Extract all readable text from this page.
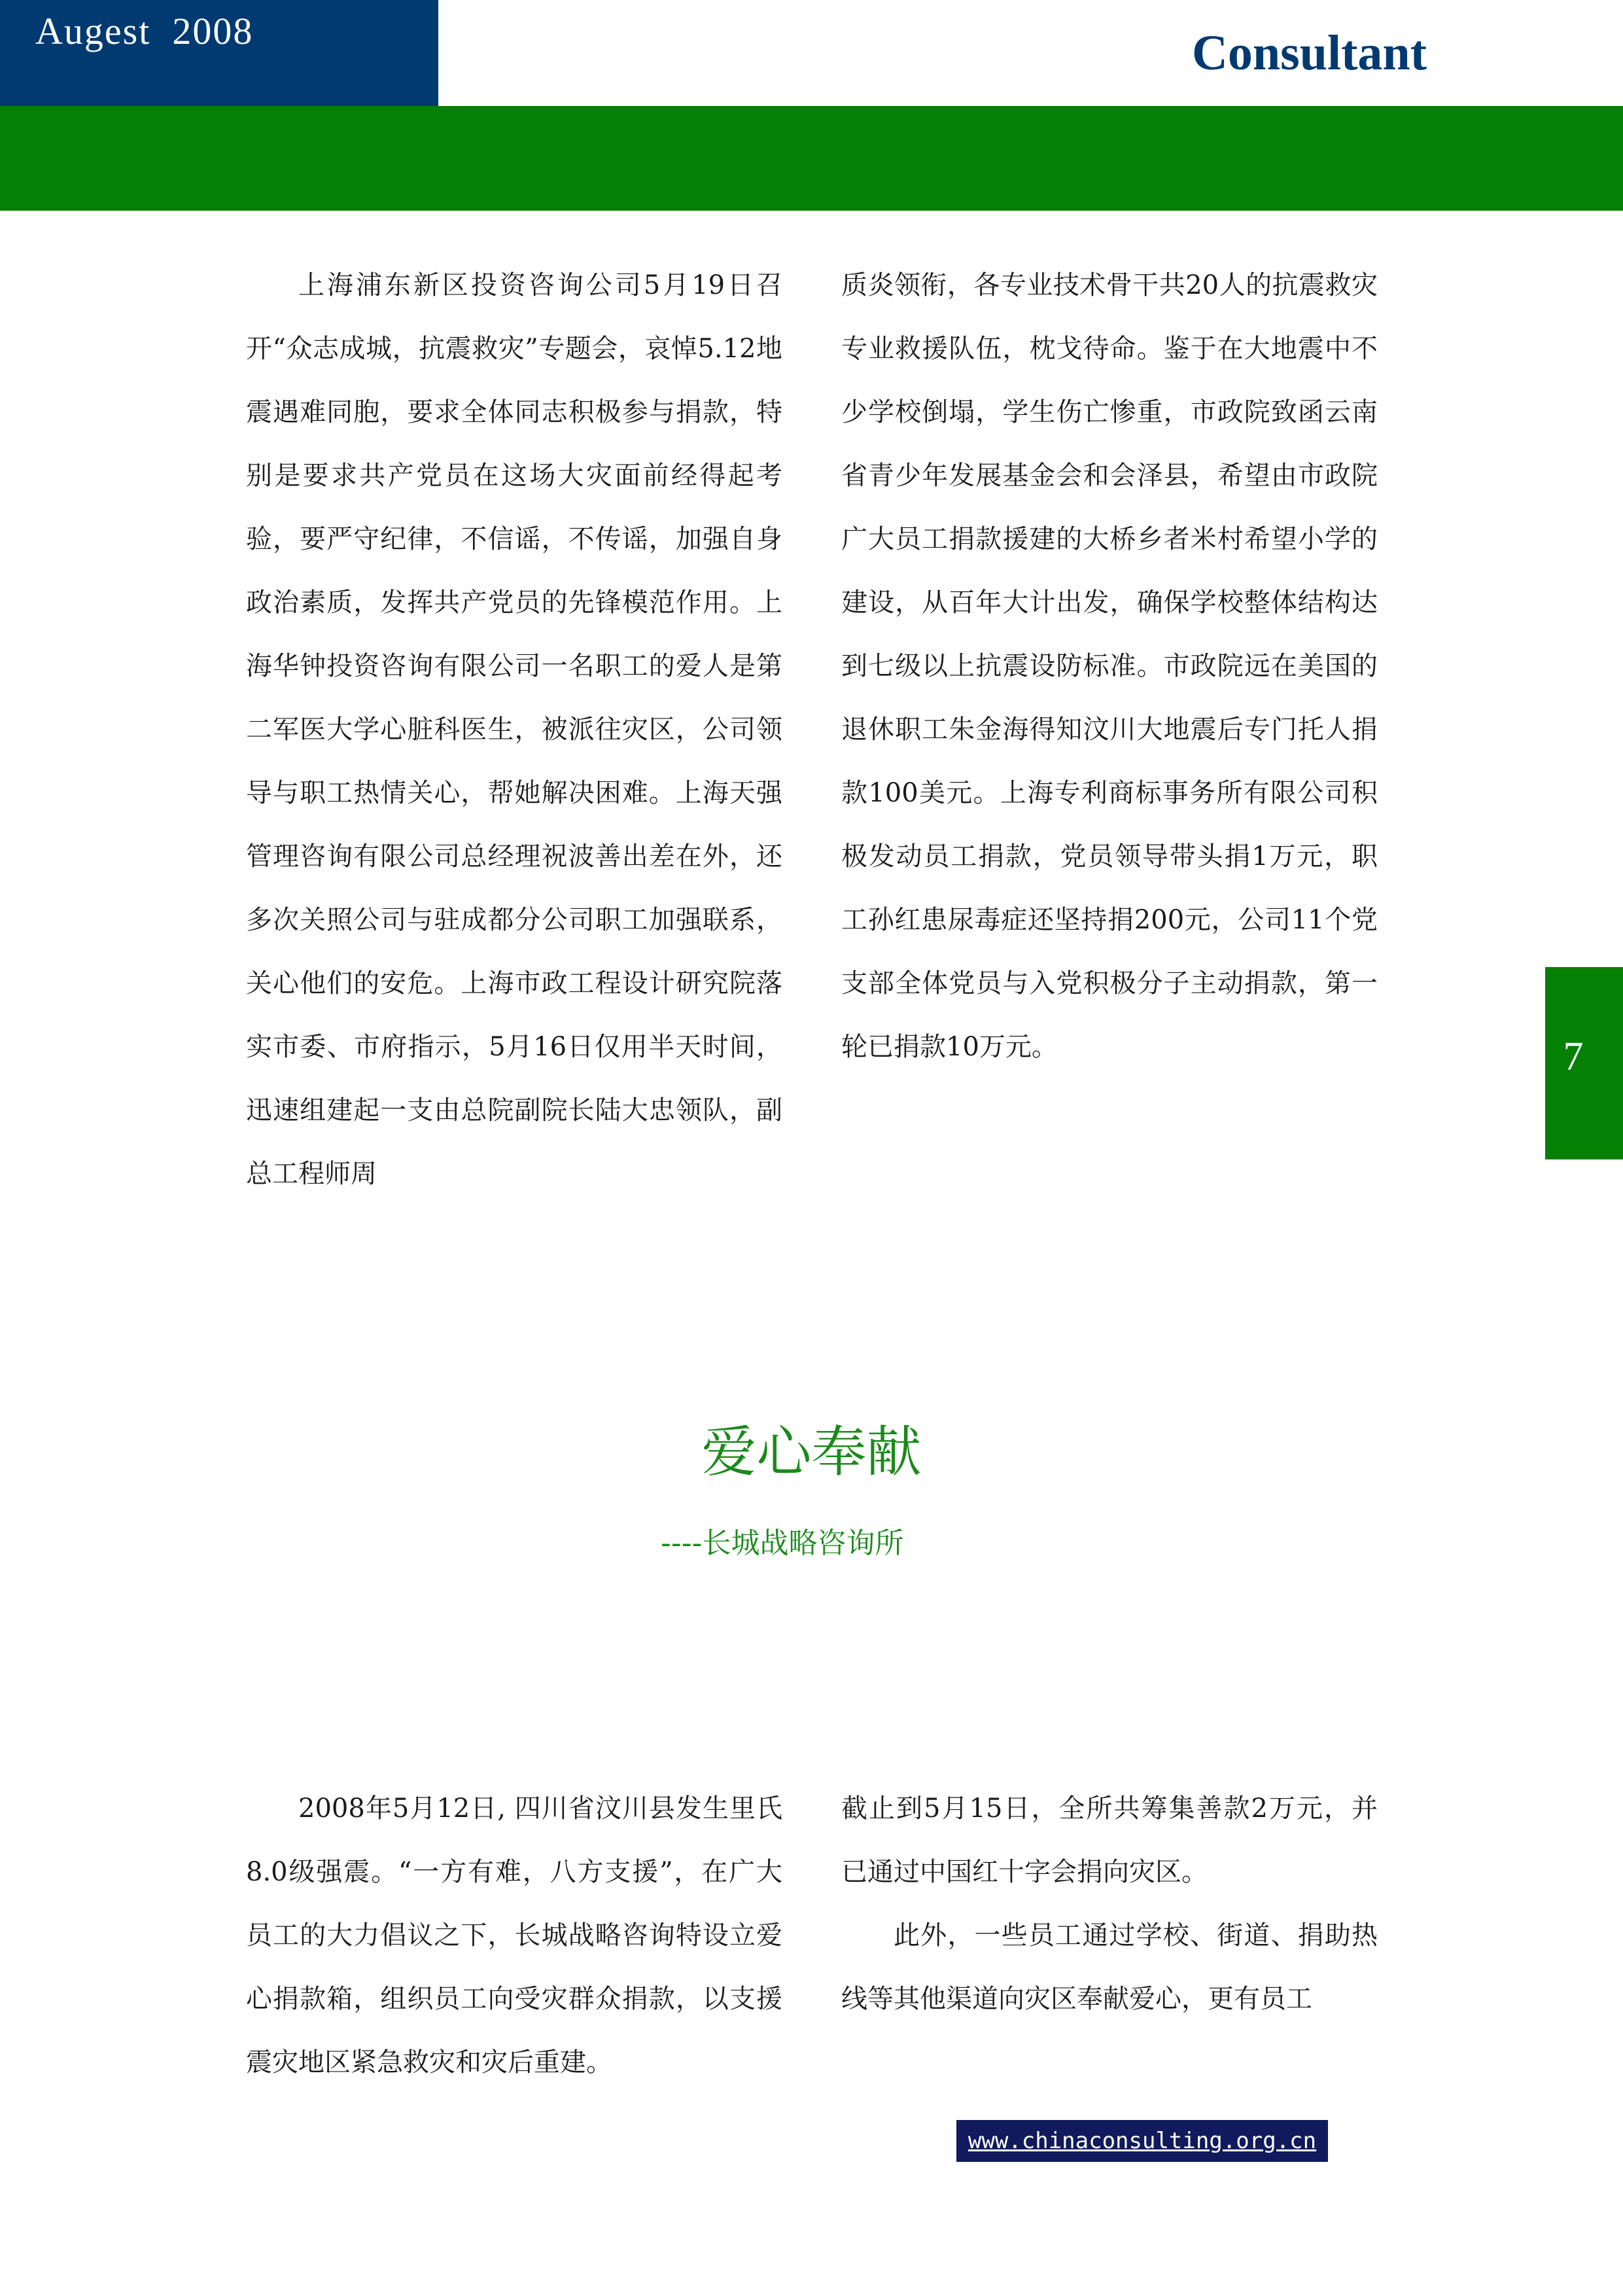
Augest  2008	Consultant
7

上海浦东新区投资咨询公司5月19日召开“众志成城，抗震救灾”专题会，哀悼5.12地震遇难同胞，要求全体同志积极参与捐款，特别是要求共产党员在这场大灾面前经得起考验，要严守纪律，不信谣，不传谣，加强自身政治素质，发挥共产党员的先锋模范作用。上海华钟投资咨询有限公司一名职工的爱人是第二军医大学心脏科医生，被派往灾区，公司领导与职工热情关心，帮她解决困难。上海天强管理咨询有限公司总经理祝波善出差在外，还多次关照公司与驻成都分公司职工加强联系，关心他们的安危。上海市政工程设计研究院落实市委、市府指示，5月16日仅用半天时间，迅速组建起一支由总院副院长陆大忠领队，副总工程师周

质炎领衔，各专业技术骨干共20人的抗震救灾专业救援队伍，枕戈待命。鉴于在大地震中不少学校倒塌，学生伤亡惨重，市政院致函云南省青少年发展基金会和会泽县，希望由市政院广大员工捐款援建的大桥乡者米村希望小学的建设，从百年大计出发，确保学校整体结构达到七级以上抗震设防标准。市政院远在美国的退休职工朱金海得知汶川大地震后专门托人捐款100美元。上海专利商标事务所有限公司积极发动员工捐款，党员领导带头捐1万元，职工孙红患尿毒症还坚持捐200元，公司11个党支部全体党员与入党积极分子主动捐款，第一轮已捐款10万元。

爱心奉献
----长城战略咨询所

2008年5月12日, 四川省汶川县发生里氏8.0级强震。“一方有难，八方支援”，在广大员工的大力倡议之下，长城战略咨询特设立爱心捐款箱，组织员工向受灾群众捐款，以支援震灾地区紧急救灾和灾后重建。

截止到5月15日，全所共筹集善款2万元，并已通过中国红十字会捐向灾区。

此外，一些员工通过学校、街道、捐助热线等其他渠道向灾区奉献爱心，更有员工

www.chinaconsulting.org.cn
